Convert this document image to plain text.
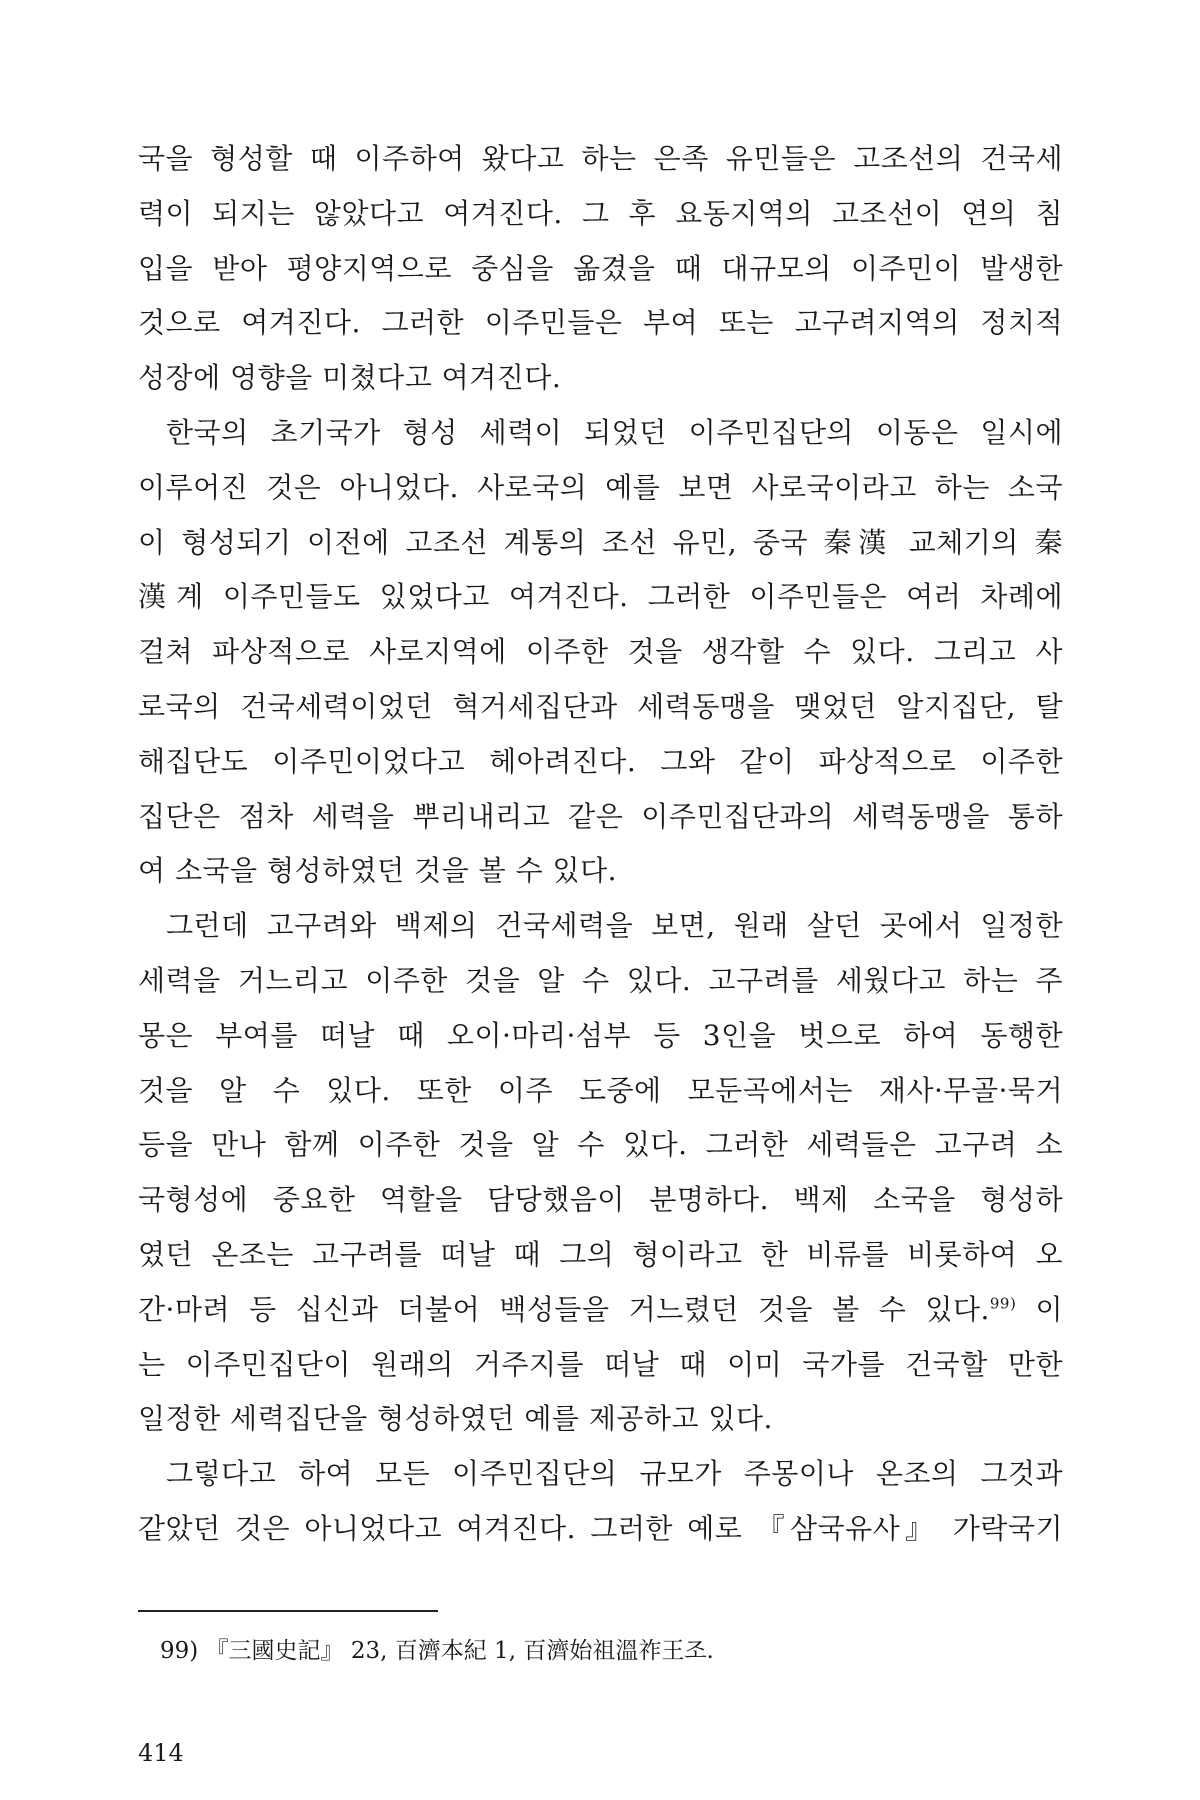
국을 형성할 때 이주하여 왔다고 하는 은족 유민들은 고조선의 건국세
력이 되지는 않았다고 여겨진다. 그 후 요동지역의 고조선이 연의 침
입을 받아 평양지역으로 중심을 옮겼을 때 대규모의 이주민이 발생한
것으로 여겨진다. 그러한 이주민들은 부여 또는 고구려지역의 정치적
성장에 영향을 미쳤다고 여겨진다.
한국의 초기국가 형성 세력이 되었던 이주민집단의 이동은 일시에
이루어진 것은 아니었다. 사로국의 예를 보면 사로국이라고 하는 소국
이 형성되기 이전에 고조선 계통의 조선 유민, 중국 秦漢 교체기의 秦
漢계 이주민들도 있었다고 여겨진다. 그러한 이주민들은 여러 차례에
걸쳐 파상적으로 사로지역에 이주한 것을 생각할 수 있다. 그리고 사
로국의 건국세력이었던 혁거세집단과 세력동맹을 맺었던 알지집단, 탈
해집단도 이주민이었다고 헤아려진다. 그와 같이 파상적으로 이주한
집단은 점차 세력을 뿌리내리고 같은 이주민집단과의 세력동맹을 통하
여 소국을 형성하였던 것을 볼 수 있다.
그런데 고구려와 백제의 건국세력을 보면, 원래 살던 곳에서 일정한
세력을 거느리고 이주한 것을 알 수 있다. 고구려를 세웠다고 하는 주
몽은 부여를 떠날 때 오이·마리·섬부 등 3인을 벗으로 하여 동행한
것을 알 수 있다. 또한 이주 도중에 모둔곡에서는 재사·무골·묵거
등을 만나 함께 이주한 것을 알 수 있다. 그러한 세력들은 고구려 소
국형성에 중요한 역할을 담당했음이 분명하다. 백제 소국을 형성하
였던 온조는 고구려를 떠날 때 그의 형이라고 한 비류를 비롯하여 오
간·마려 등 십신과 더불어 백성들을 거느렸던 것을 볼 수 있다.$^{99)}$ 이
는 이주민집단이 원래의 거주지를 떠날 때 이미 국가를 건국할 만한
일정한 세력집단을 형성하였던 예를 제공하고 있다.
그렇다고 하여 모든 이주민집단의 규모가 주몽이나 온조의 그것과
같았던 것은 아니었다고 여겨진다. 그러한 예로 『삼국유사』 가락국기
99) 『三國史記』 23, 百濟本紀 1, 百濟始祖溫祚王조.
414
